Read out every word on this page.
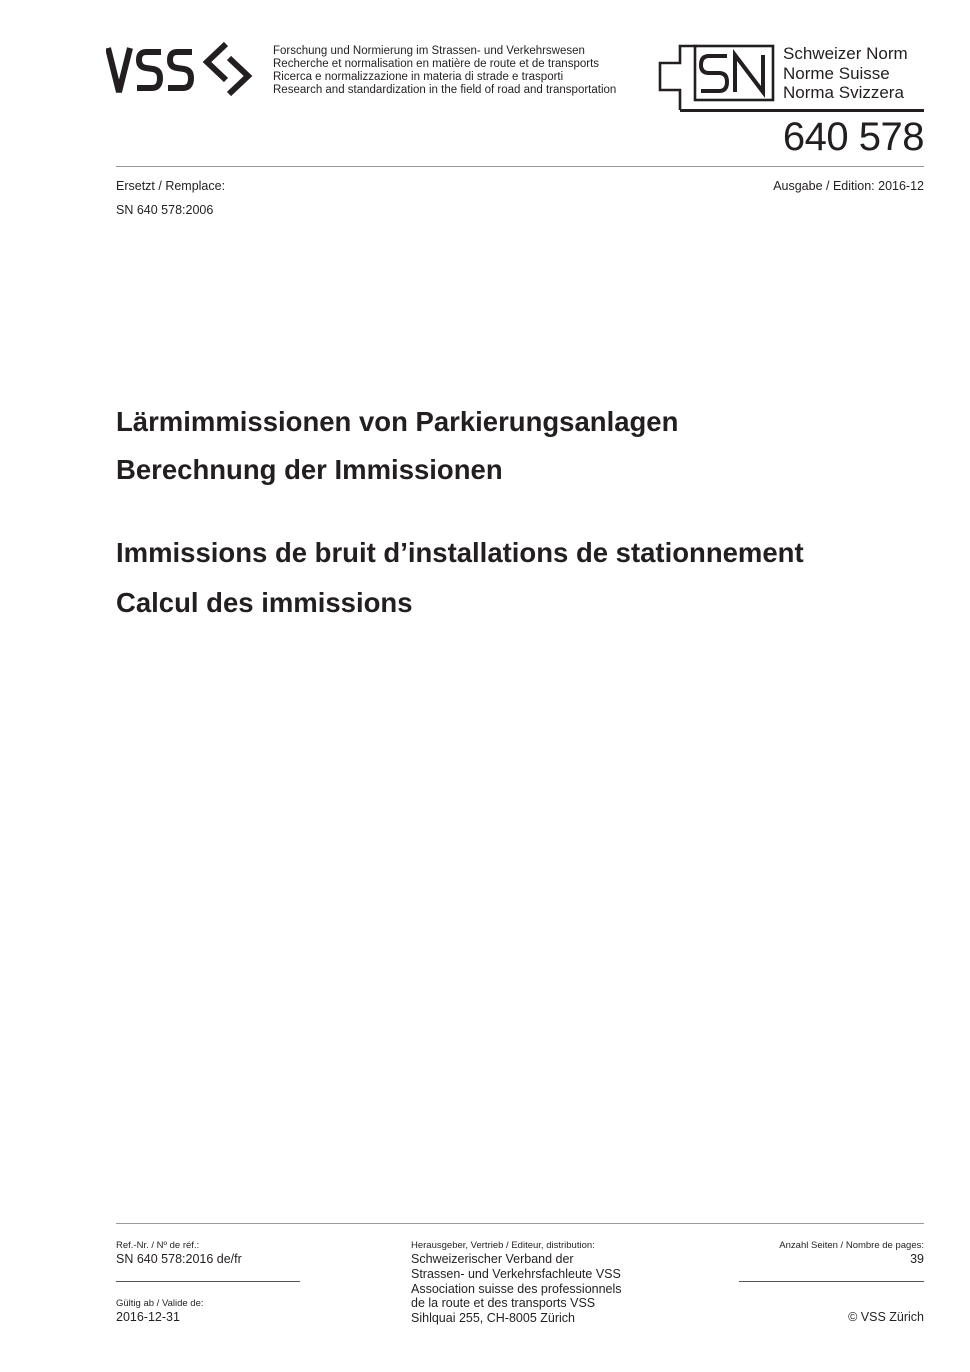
Forschung und Normierung im Strassen- und Verkehrswesen
Recherche et normalisation en matière de route et de transports
Ricerca e normalizzazione in materia di strade e trasporti
Research and standardization in the field of road and transportation
Schweizer Norm
Norme Suisse
Norma Svizzera
640 578
Ersetzt / Remplace:
SN 640 578:2006
Ausgabe / Edition: 2016-12
Lärmimmissionen von Parkierungsanlagen
Berechnung der Immissionen
Immissions de bruit d’installations de stationnement
Calcul des immissions
Ref.-Nr. / Nº de réf.:
SN 640 578:2016 de/fr
Gültig ab / Valide de:
2016-12-31
Herausgeber, Vertrieb / Editeur, distribution:
Schweizerischer Verband der
Strassen- und Verkehrsfachleute VSS
Association suisse des professionnels
de la route et des transports VSS
Sihlquai 255, CH-8005 Zürich
Anzahl Seiten / Nombre de pages:
39
© VSS Zürich
